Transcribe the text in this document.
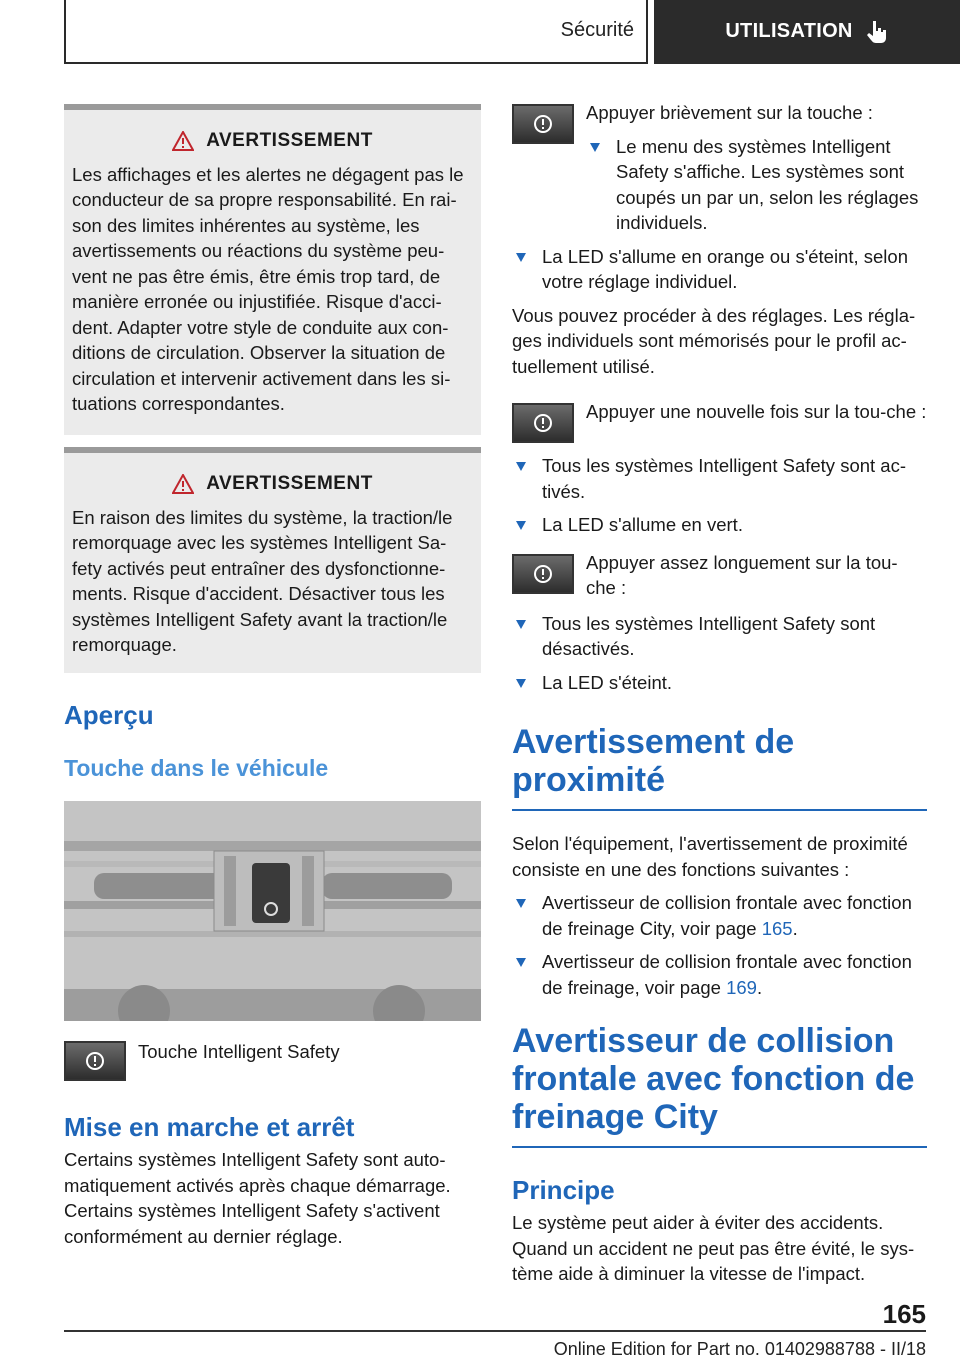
Sécurité	UTILISATION
AVERTISSEMENT

Les affichages et les alertes ne dégagent pas le conducteur de sa propre responsabilité. En rai-son des limites inhérentes au système, les avertissements ou réactions du système peu-vent ne pas être émis, être émis trop tard, de manière erronée ou injustifiée. Risque d'acci-dent. Adapter votre style de conduite aux con-ditions de circulation. Observer la situation de circulation et intervenir activement dans les si-tuations correspondantes.

AVERTISSEMENT

En raison des limites du système, la traction/le remorquage avec les systèmes Intelligent Sa-fety activés peut entraîner des dysfonctionne-ments. Risque d'accident. Désactiver tous les systèmes Intelligent Safety avant la traction/le remorquage.

Aperçu
Touche dans le véhicule
Touche Intelligent Safety
Mise en marche et arrêt

Certains systèmes Intelligent Safety sont auto-matiquement activés après chaque démarrage. Certains systèmes Intelligent Safety s'activent conformément au dernier réglage.

Appuyer brièvement sur la touche :

Le menu des systèmes Intelligent Safety s'affiche. Les systèmes sont coupés un par un, selon les réglages individuels.
La LED s'allume en orange ou s'éteint, selon votre réglage individuel.

Vous pouvez procéder à des réglages. Les régla-ges individuels sont mémorisés pour le profil ac-tuellement utilisé.

Appuyer une nouvelle fois sur la tou-che :

Tous les systèmes Intelligent Safety sont ac-tivés.
La LED s'allume en vert.

Appuyer assez longuement sur la tou-che :

Tous les systèmes Intelligent Safety sont désactivés.
La LED s'éteint.
Avertissement de proximité

Selon l'équipement, l'avertissement de proximité consiste en une des fonctions suivantes :

Avertisseur de collision frontale avec fonction de freinage City, voir page 165.
Avertisseur de collision frontale avec fonction de freinage, voir page 169.
Avertisseur de collision frontale avec fonction de freinage City
Principe

Le système peut aider à éviter des accidents. Quand un accident ne peut pas être évité, le sys-tème aide à diminuer la vitesse de l'impact.

165
Online Edition for Part no. 01402988788 - II/18
